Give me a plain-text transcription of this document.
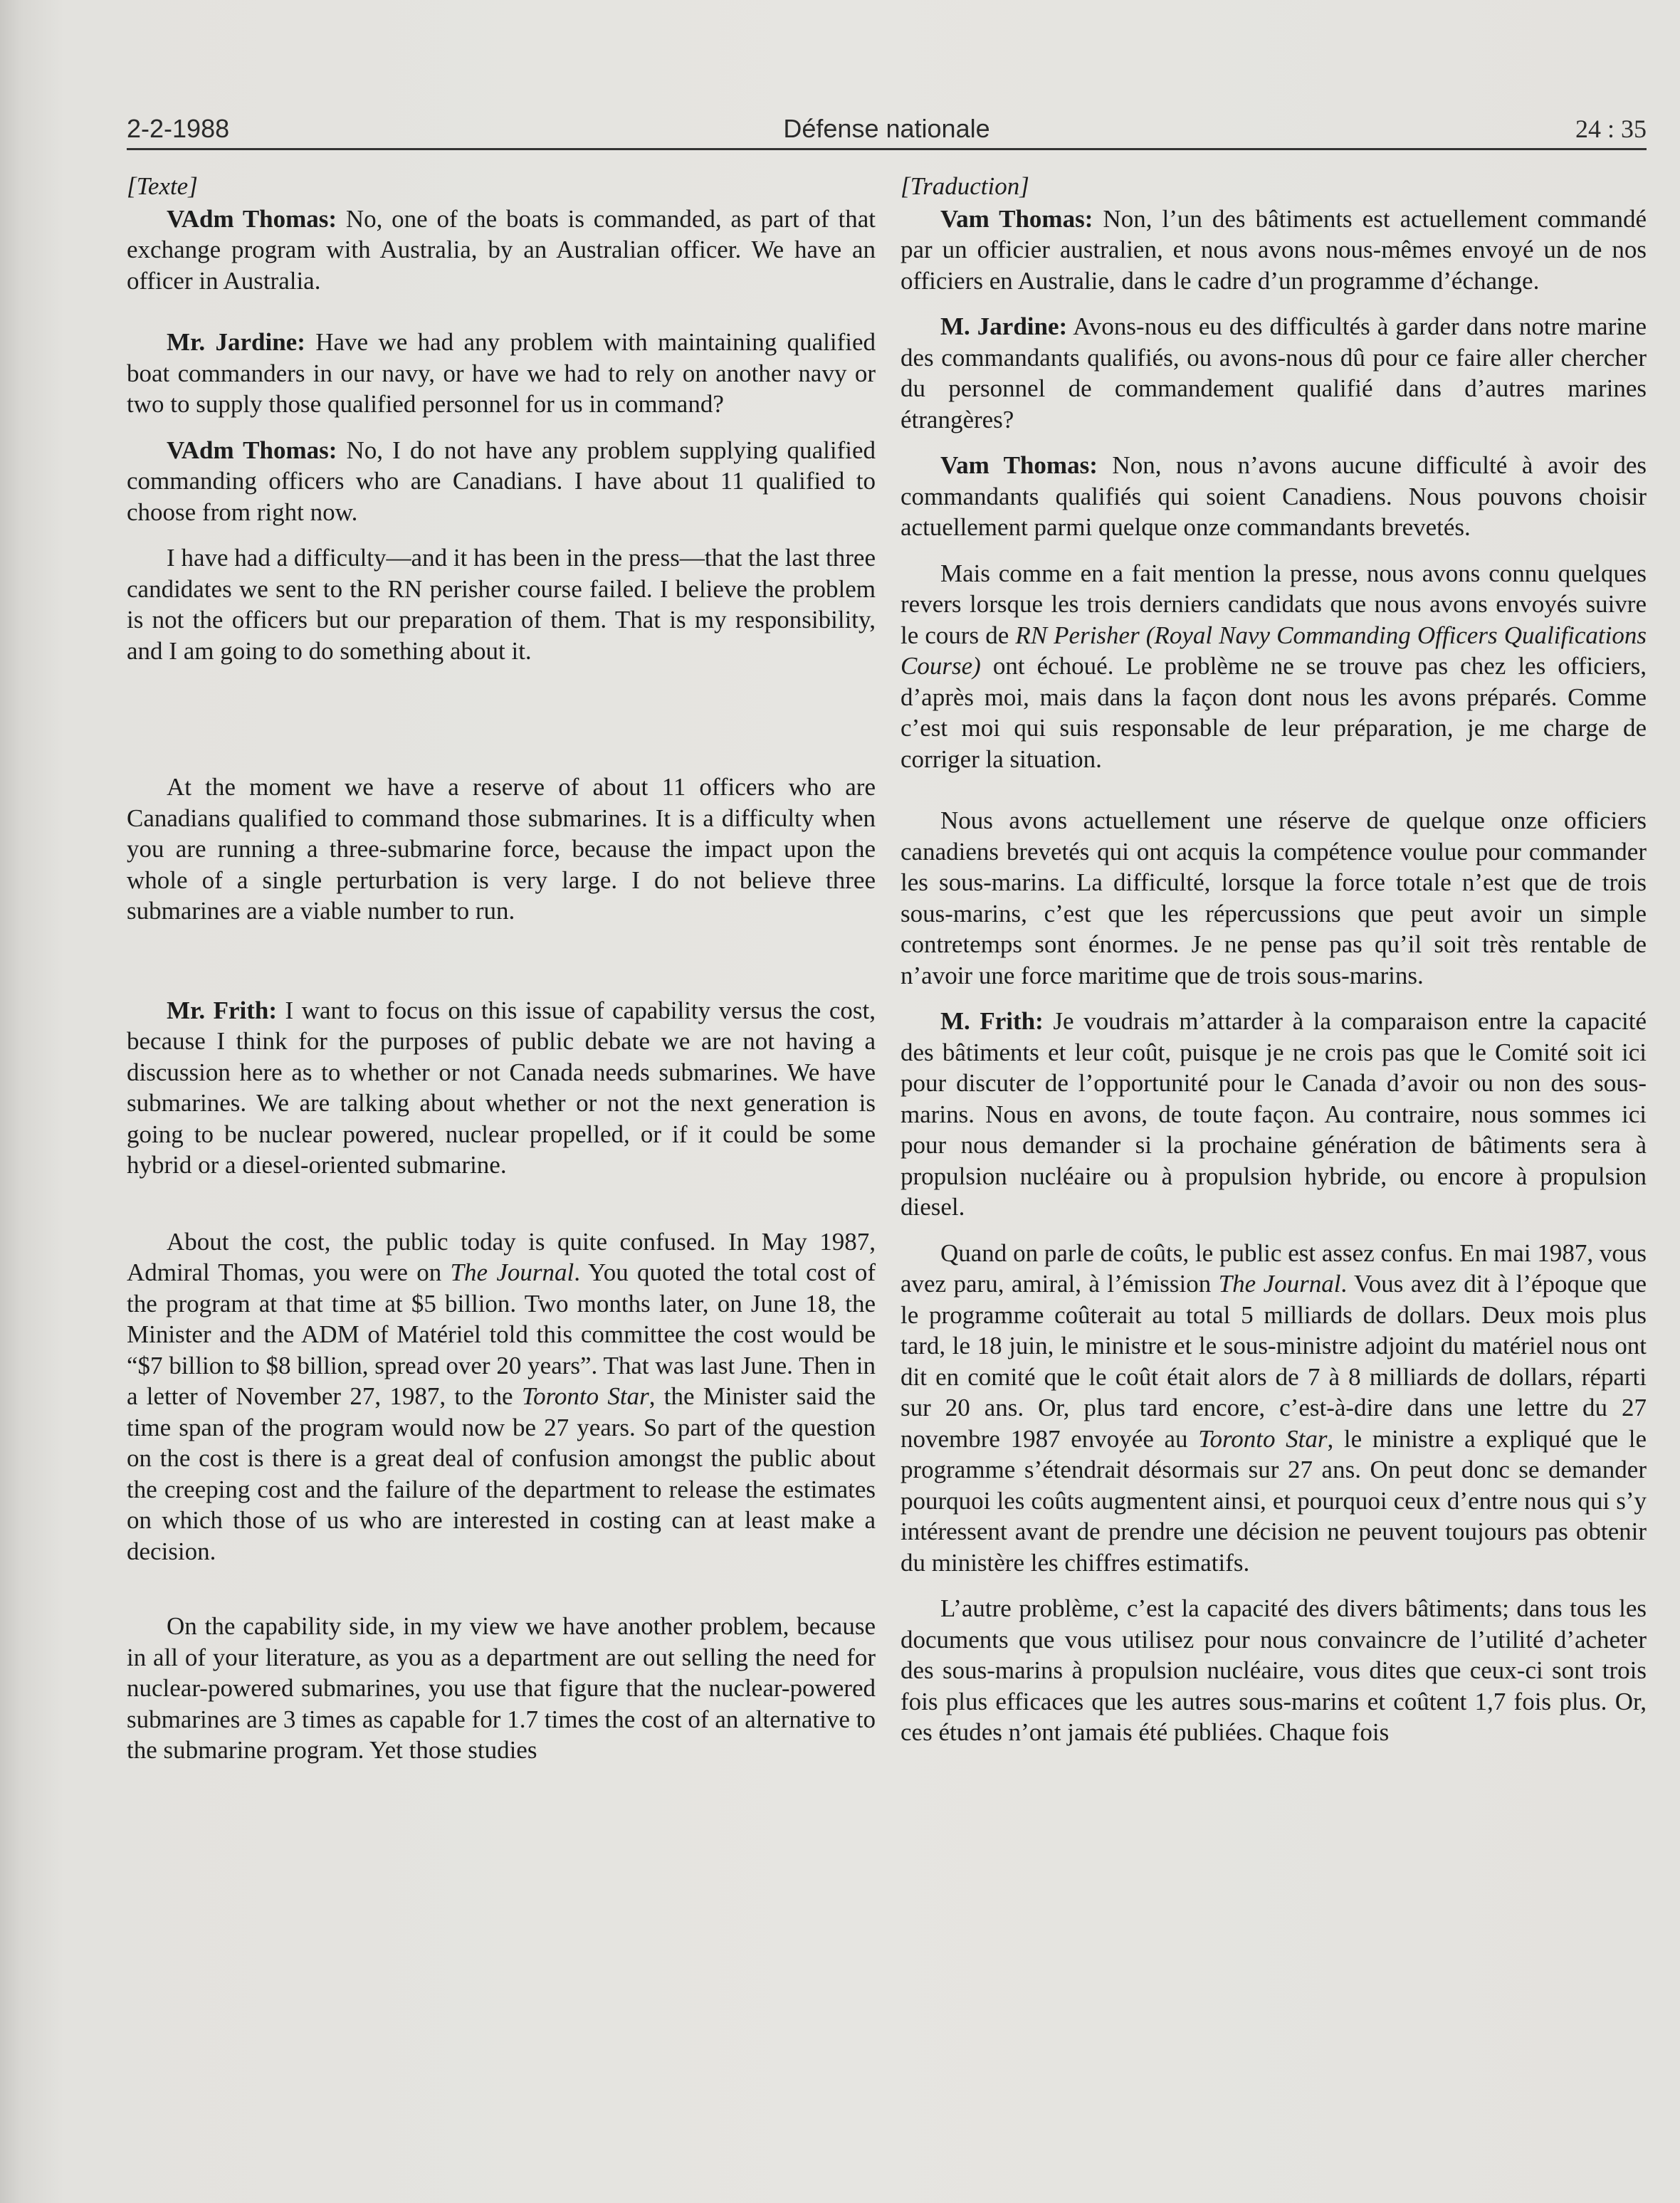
2-2-1988	Défense nationale	24 : 35
[Texte]

VAdm Thomas: No, one of the boats is commanded, as part of that exchange program with Australia, by an Australian officer. We have an officer in Australia.

Mr. Jardine: Have we had any problem with maintaining qualified boat commanders in our navy, or have we had to rely on another navy or two to supply those qualified personnel for us in command?

VAdm Thomas: No, I do not have any problem supplying qualified commanding officers who are Canadians. I have about 11 qualified to choose from right now.

I have had a difficulty—and it has been in the press—that the last three candidates we sent to the RN perisher course failed. I believe the problem is not the officers but our preparation of them. That is my responsibility, and I am going to do something about it.

At the moment we have a reserve of about 11 officers who are Canadians qualified to command those submarines. It is a difficulty when you are running a three-submarine force, because the impact upon the whole of a single perturbation is very large. I do not believe three submarines are a viable number to run.

Mr. Frith: I want to focus on this issue of capability versus the cost, because I think for the purposes of public debate we are not having a discussion here as to whether or not Canada needs submarines. We have submarines. We are talking about whether or not the next generation is going to be nuclear powered, nuclear propelled, or if it could be some hybrid or a diesel-oriented submarine.

About the cost, the public today is quite confused. In May 1987, Admiral Thomas, you were on The Journal. You quoted the total cost of the program at that time at $5 billion. Two months later, on June 18, the Minister and the ADM of Matériel told this committee the cost would be “$7 billion to $8 billion, spread over 20 years”. That was last June. Then in a letter of November 27, 1987, to the Toronto Star, the Minister said the time span of the program would now be 27 years. So part of the question on the cost is there is a great deal of confusion amongst the public about the creeping cost and the failure of the department to release the estimates on which those of us who are interested in costing can at least make a decision.

On the capability side, in my view we have another problem, because in all of your literature, as you as a department are out selling the need for nuclear-powered submarines, you use that figure that the nuclear-powered submarines are 3 times as capable for 1.7 times the cost of an alternative to the submarine program. Yet those studies

[Traduction]

Vam Thomas: Non, l’un des bâtiments est actuellement commandé par un officier australien, et nous avons nous-mêmes envoyé un de nos officiers en Australie, dans le cadre d’un programme d’échange.

M. Jardine: Avons-nous eu des difficultés à garder dans notre marine des commandants qualifiés, ou avons-nous dû pour ce faire aller chercher du personnel de commandement qualifié dans d’autres marines étrangères?

Vam Thomas: Non, nous n’avons aucune difficulté à avoir des commandants qualifiés qui soient Canadiens. Nous pouvons choisir actuellement parmi quelque onze commandants brevetés.

Mais comme en a fait mention la presse, nous avons connu quelques revers lorsque les trois derniers candidats que nous avons envoyés suivre le cours de RN Perisher (Royal Navy Commanding Officers Qualifications Course) ont échoué. Le problème ne se trouve pas chez les officiers, d’après moi, mais dans la façon dont nous les avons préparés. Comme c’est moi qui suis responsable de leur préparation, je me charge de corriger la situation.

Nous avons actuellement une réserve de quelque onze officiers canadiens brevetés qui ont acquis la compétence voulue pour commander les sous-marins. La difficulté, lorsque la force totale n’est que de trois sous-marins, c’est que les répercussions que peut avoir un simple contretemps sont énormes. Je ne pense pas qu’il soit très rentable de n’avoir une force maritime que de trois sous-marins.

M. Frith: Je voudrais m’attarder à la comparaison entre la capacité des bâtiments et leur coût, puisque je ne crois pas que le Comité soit ici pour discuter de l’opportunité pour le Canada d’avoir ou non des sous-marins. Nous en avons, de toute façon. Au contraire, nous sommes ici pour nous demander si la prochaine génération de bâtiments sera à propulsion nucléaire ou à propulsion hybride, ou encore à propulsion diesel.

Quand on parle de coûts, le public est assez confus. En mai 1987, vous avez paru, amiral, à l’émission The Journal. Vous avez dit à l’époque que le programme coûterait au total 5 milliards de dollars. Deux mois plus tard, le 18 juin, le ministre et le sous-ministre adjoint du matériel nous ont dit en comité que le coût était alors de 7 à 8 milliards de dollars, réparti sur 20 ans. Or, plus tard encore, c’est-à-dire dans une lettre du 27 novembre 1987 envoyée au Toronto Star, le ministre a expliqué que le programme s’étendrait désormais sur 27 ans. On peut donc se demander pourquoi les coûts augmentent ainsi, et pourquoi ceux d’entre nous qui s’y intéressent avant de prendre une décision ne peuvent toujours pas obtenir du ministère les chiffres estimatifs.

L’autre problème, c’est la capacité des divers bâtiments; dans tous les documents que vous utilisez pour nous convaincre de l’utilité d’acheter des sous-marins à propulsion nucléaire, vous dites que ceux-ci sont trois fois plus efficaces que les autres sous-marins et coûtent 1,7 fois plus. Or, ces études n’ont jamais été publiées. Chaque fois
